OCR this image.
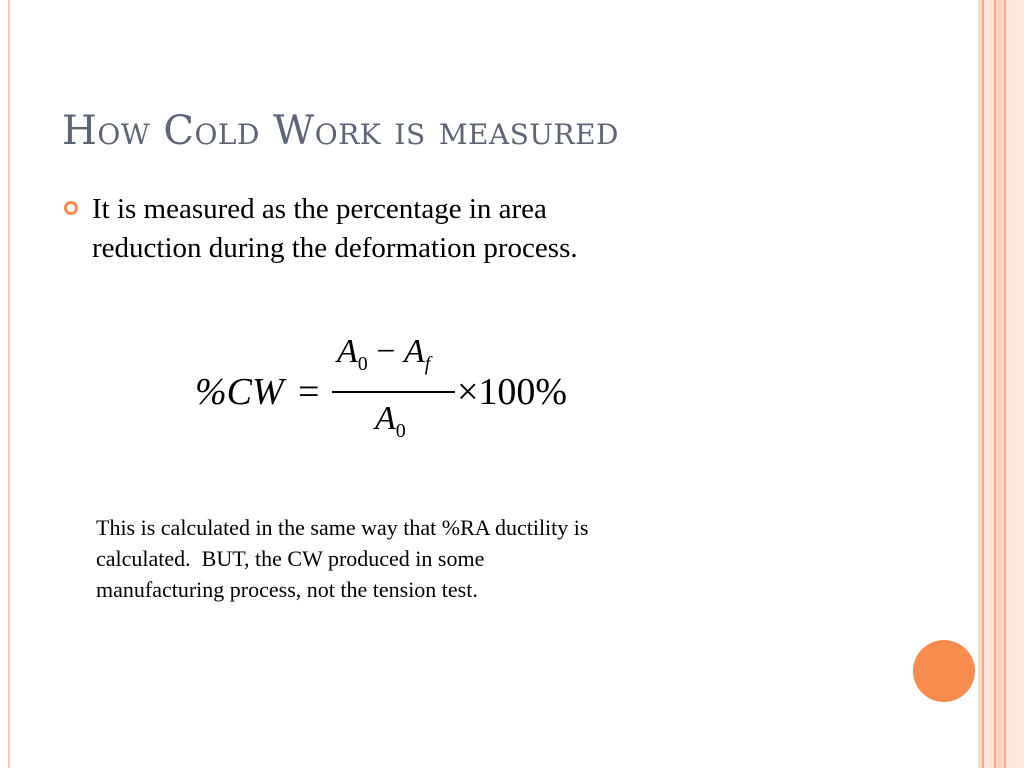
How Cold Work is measured
It is measured as the percentage in area
reduction during the deformation process.
%CW =
$A_0 - A_f$
$A_0$
×100%
This is calculated in the same way that %RA ductility is
calculated.  BUT, the CW produced in some
manufacturing process, not the tension test.
